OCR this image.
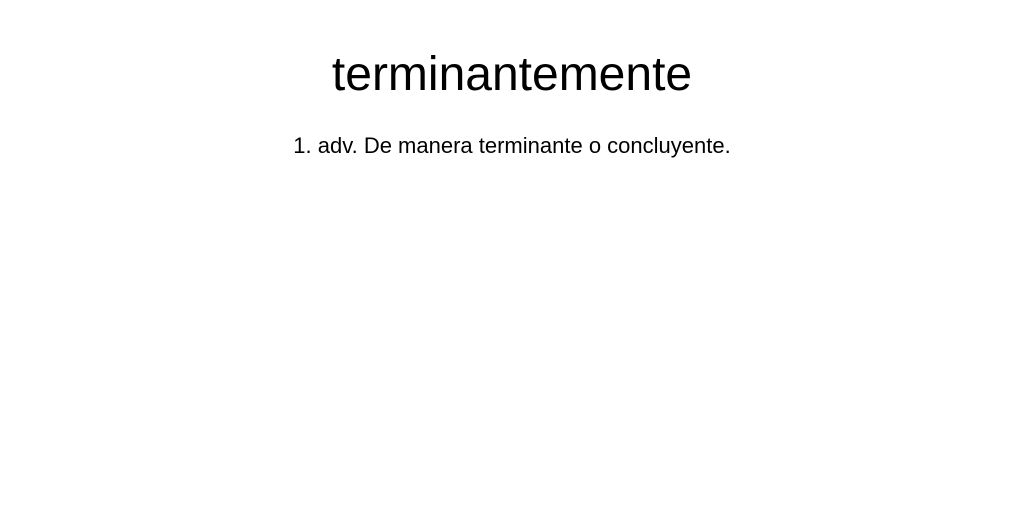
terminantemente

1. adv. De manera terminante o concluyente.
